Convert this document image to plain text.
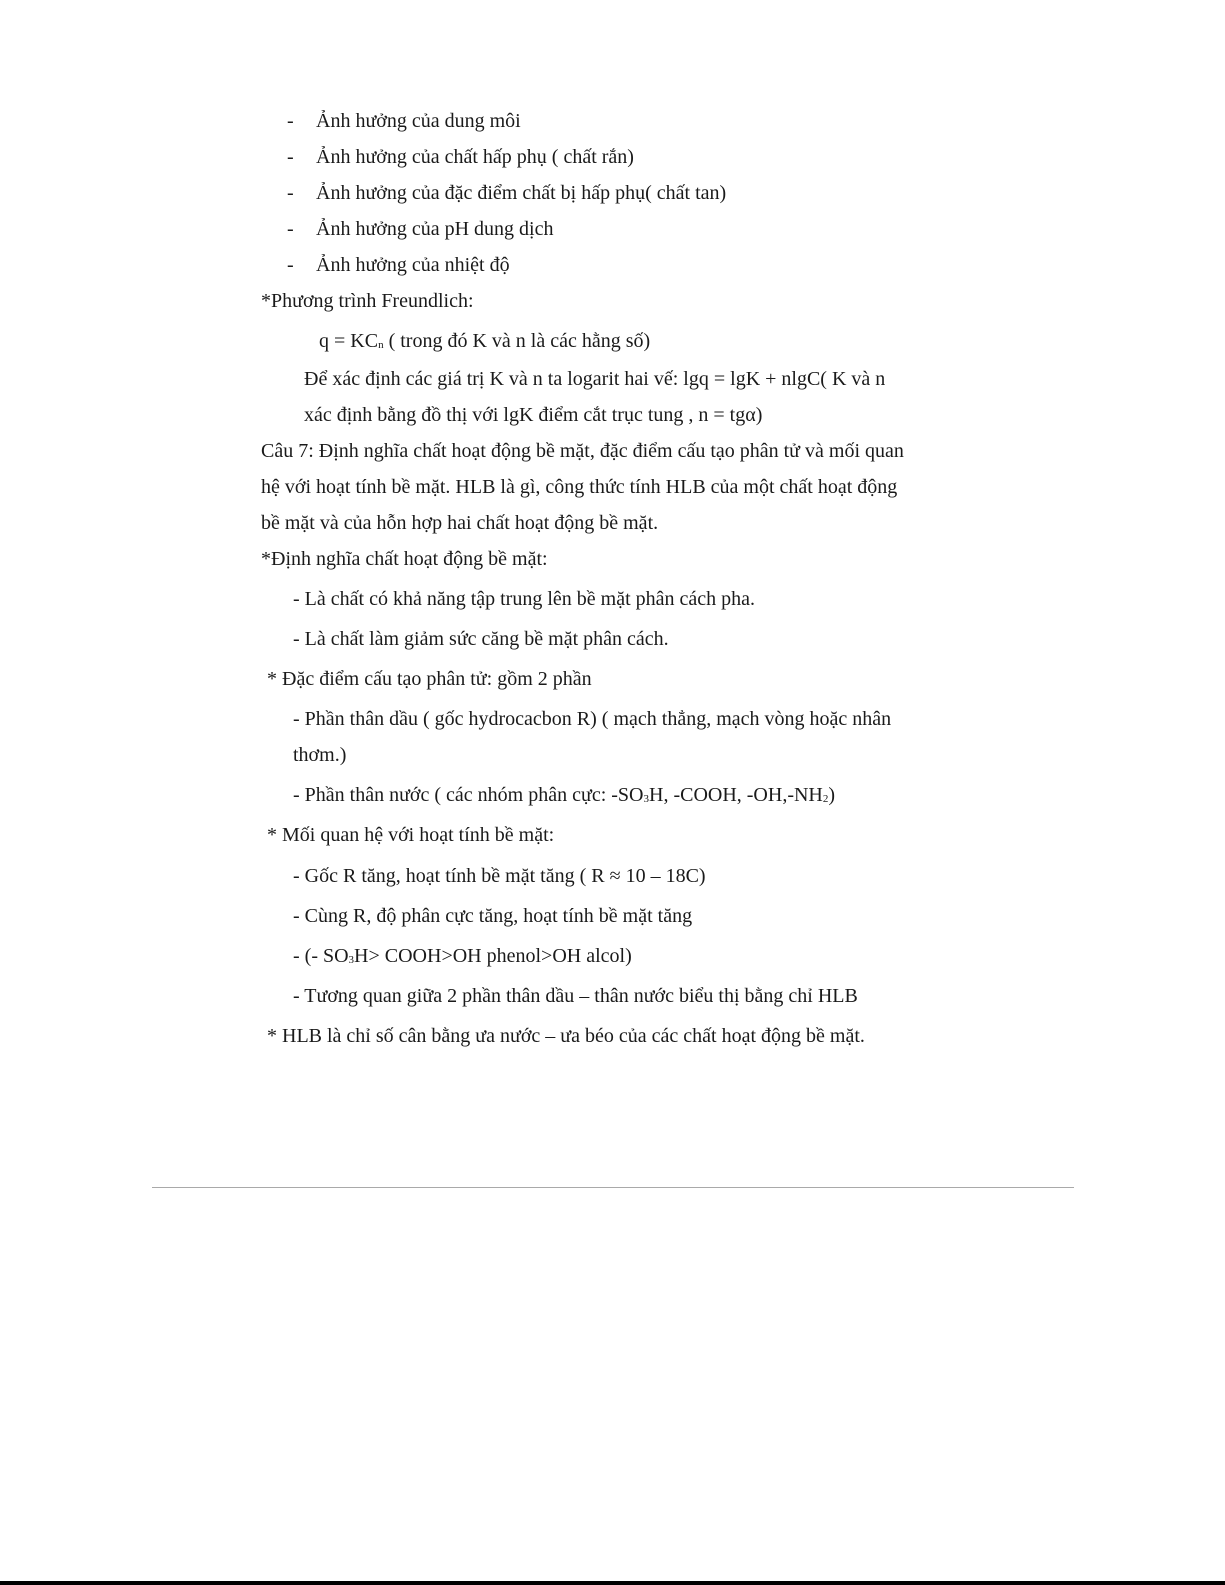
- Ảnh hưởng của dung môi
- Ảnh hưởng của chất hấp phụ ( chất rắn)
- Ảnh hưởng của đặc điểm chất bị hấp phụ( chất tan)
- Ảnh hưởng của pH dung dịch
- Ảnh hưởng của nhiệt độ
*Phương trình Freundlich:
q = KCn ( trong đó K và n là các hằng số)
Để xác định các giá trị K và n ta logarit hai vế: lgq = lgK + nlgC( K và n
xác định bằng đồ thị với lgK điểm cắt trục tung , n = tgα)
Câu 7: Định nghĩa chất hoạt động bề mặt, đặc điểm cấu tạo phân tử và mối quan
hệ với hoạt tính bề mặt. HLB là gì, công thức tính HLB của một chất hoạt động
bề mặt và của hỗn hợp hai chất hoạt động bề mặt.
*Định nghĩa chất hoạt động bề mặt:
- Là chất có khả năng tập trung lên bề mặt phân cách pha.
- Là chất làm giảm sức căng bề mặt phân cách.
* Đặc điểm cấu tạo phân tử: gồm 2 phần
- Phần thân dầu ( gốc hydrocacbon R) ( mạch thẳng, mạch vòng hoặc nhân
thơm.)
- Phần thân nước ( các nhóm phân cực: -SO3H, -COOH, -OH,-NH2)
* Mối quan hệ với hoạt tính bề mặt:
- Gốc R tăng, hoạt tính bề mặt tăng ( R ≈ 10 – 18C)
- Cùng R, độ phân cực tăng, hoạt tính bề mặt tăng
- (- SO3H> COOH>OH phenol>OH alcol)
- Tương quan giữa 2 phần thân dầu – thân nước biểu thị bằng chỉ HLB
* HLB là chỉ số cân bằng ưa nước – ưa béo của các chất hoạt động bề mặt.
